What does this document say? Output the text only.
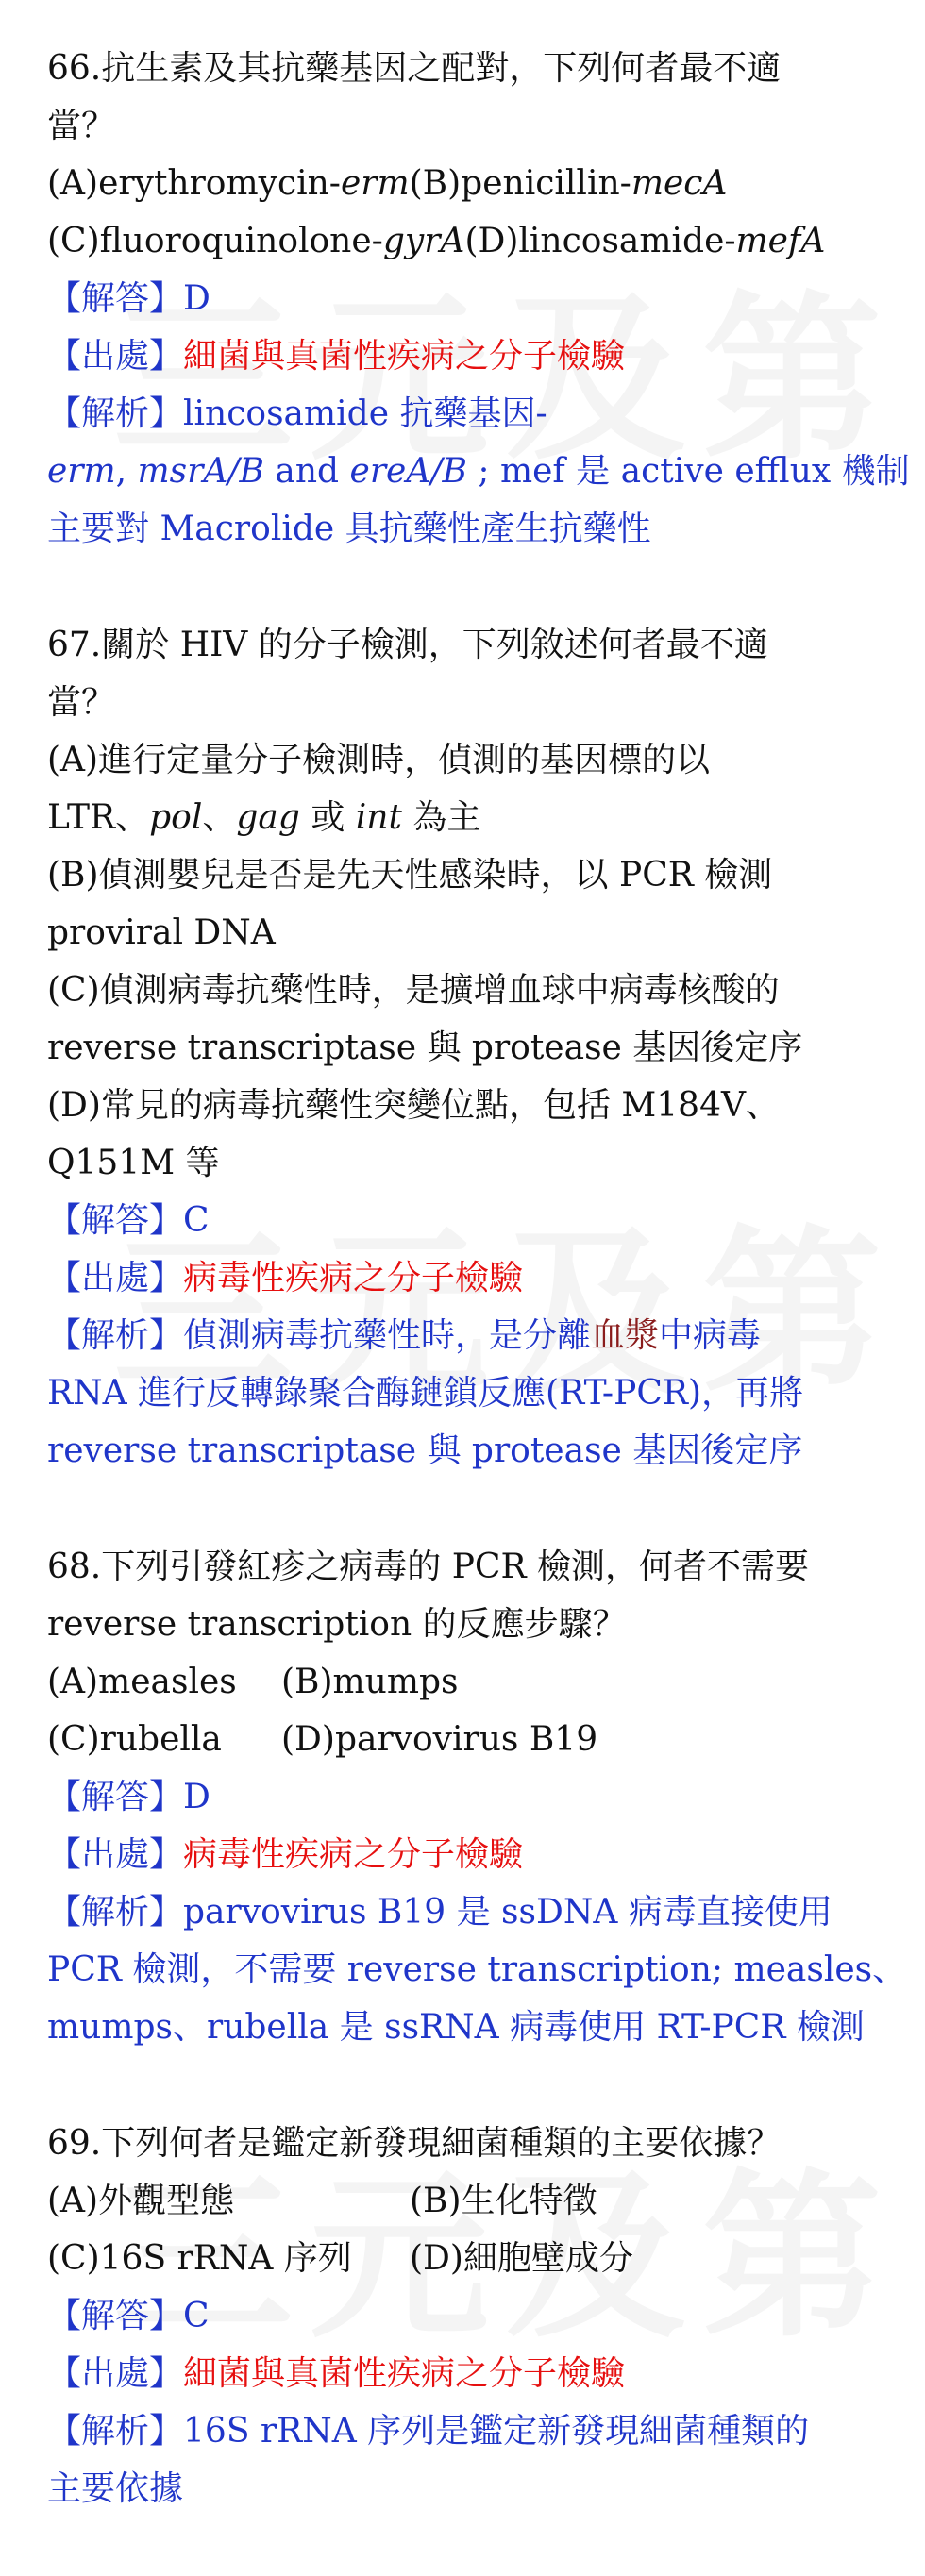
66.抗生素及其抗藥基因之配對，下列何者最不適
當？
(A)erythromycin-erm(B)penicillin-mecA
(C)fluoroquinolone-gyrA(D)lincosamide-mefA
【解答】D
【出處】細菌與真菌性疾病之分子檢驗
【解析】lincosamide 抗藥基因-
erm, msrA/B and ereA/B ; mef 是 active efflux 機制
主要對 Macrolide 具抗藥性產生抗藥性
67.關於 HIV 的分子檢測，下列敘述何者最不適
當？
(A)進行定量分子檢測時，偵測的基因標的以
LTR、pol、gag 或 int 為主
(B)偵測嬰兒是否是先天性感染時，以 PCR 檢測
proviral DNA
(C)偵測病毒抗藥性時，是擴增血球中病毒核酸的
reverse transcriptase 與 protease 基因後定序
(D)常見的病毒抗藥性突變位點，包括 M184V、
Q151M 等
【解答】C
【出處】病毒性疾病之分子檢驗
【解析】偵測病毒抗藥性時，是分離血漿中病毒
RNA 進行反轉錄聚合酶鏈鎖反應(RT-PCR)，再將
reverse transcriptase 與 protease 基因後定序
68.下列引發紅疹之病毒的 PCR 檢測，何者不需要
reverse transcription 的反應步驟？
(A)measles (B)mumps
(C)rubella (D)parvovirus B19
【解答】D
【出處】病毒性疾病之分子檢驗
【解析】parvovirus B19 是 ssDNA 病毒直接使用
PCR 檢測，不需要 reverse transcription; measles、
mumps、rubella 是 ssRNA 病毒使用 RT-PCR 檢測
69.下列何者是鑑定新發現細菌種類的主要依據？
(A)外觀型態	(B)生化特徵
(C)16S rRNA 序列 (D)細胞壁成分
【解答】C
【出處】細菌與真菌性疾病之分子檢驗
【解析】16S rRNA 序列是鑑定新發現細菌種類的
主要依據
